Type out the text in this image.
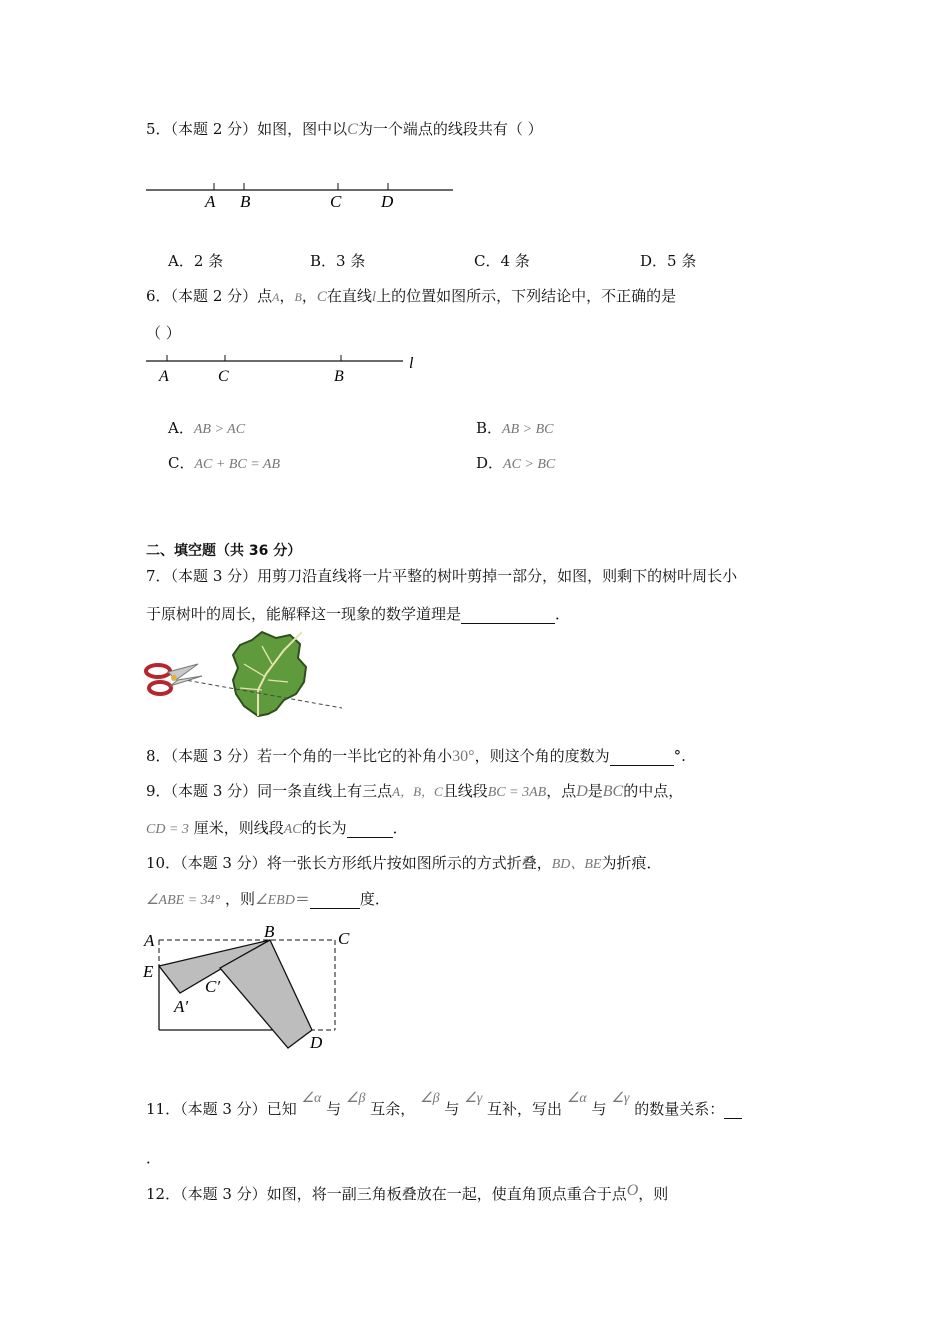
5．（本题 2 分）如图，图中以C为一个端点的线段共有（ ）
A B	C D
A．2 条	B．3 条	C．4 条	D．5 条
6．（本题 2 分）点A，B，C在直线l上的位置如图所示，下列结论中，不正确的是
（ ）
A	C	B
l
A．AB > AC	B．AB > BC
C．AC + BC = AB	D．AC > BC
二、填空题（共 36 分）
7．（本题 3 分）用剪刀沿直线将一片平整的树叶剪掉一部分，如图，则剩下的树叶周长小
于原树叶的周长，能解释这一现象的数学道理是	．
8．（本题 3 分）若一个角的一半比它的补角小30°，则这个角的度数为	°.
9．（本题 3 分）同一条直线上有三点A，B，C且线段BC = 3AB，点D是BC的中点，
CD = 3 厘米，则线段AC的长为	．
10．（本题 3 分）将一张长方形纸片按如图所示的方式折叠，BD、BE为折痕．
∠ABE = 34° ，则∠EBD＝	度．
A	B	C
E
C′
A′
D
11．（本题 3 分）已知 ∠α 与 ∠β 互余， ∠β 与 ∠γ 互补，写出 ∠α 与 ∠γ 的数量关系：
．
12．（本题 3 分）如图，将一副三角板叠放在一起，使直角顶点重合于点O，则
